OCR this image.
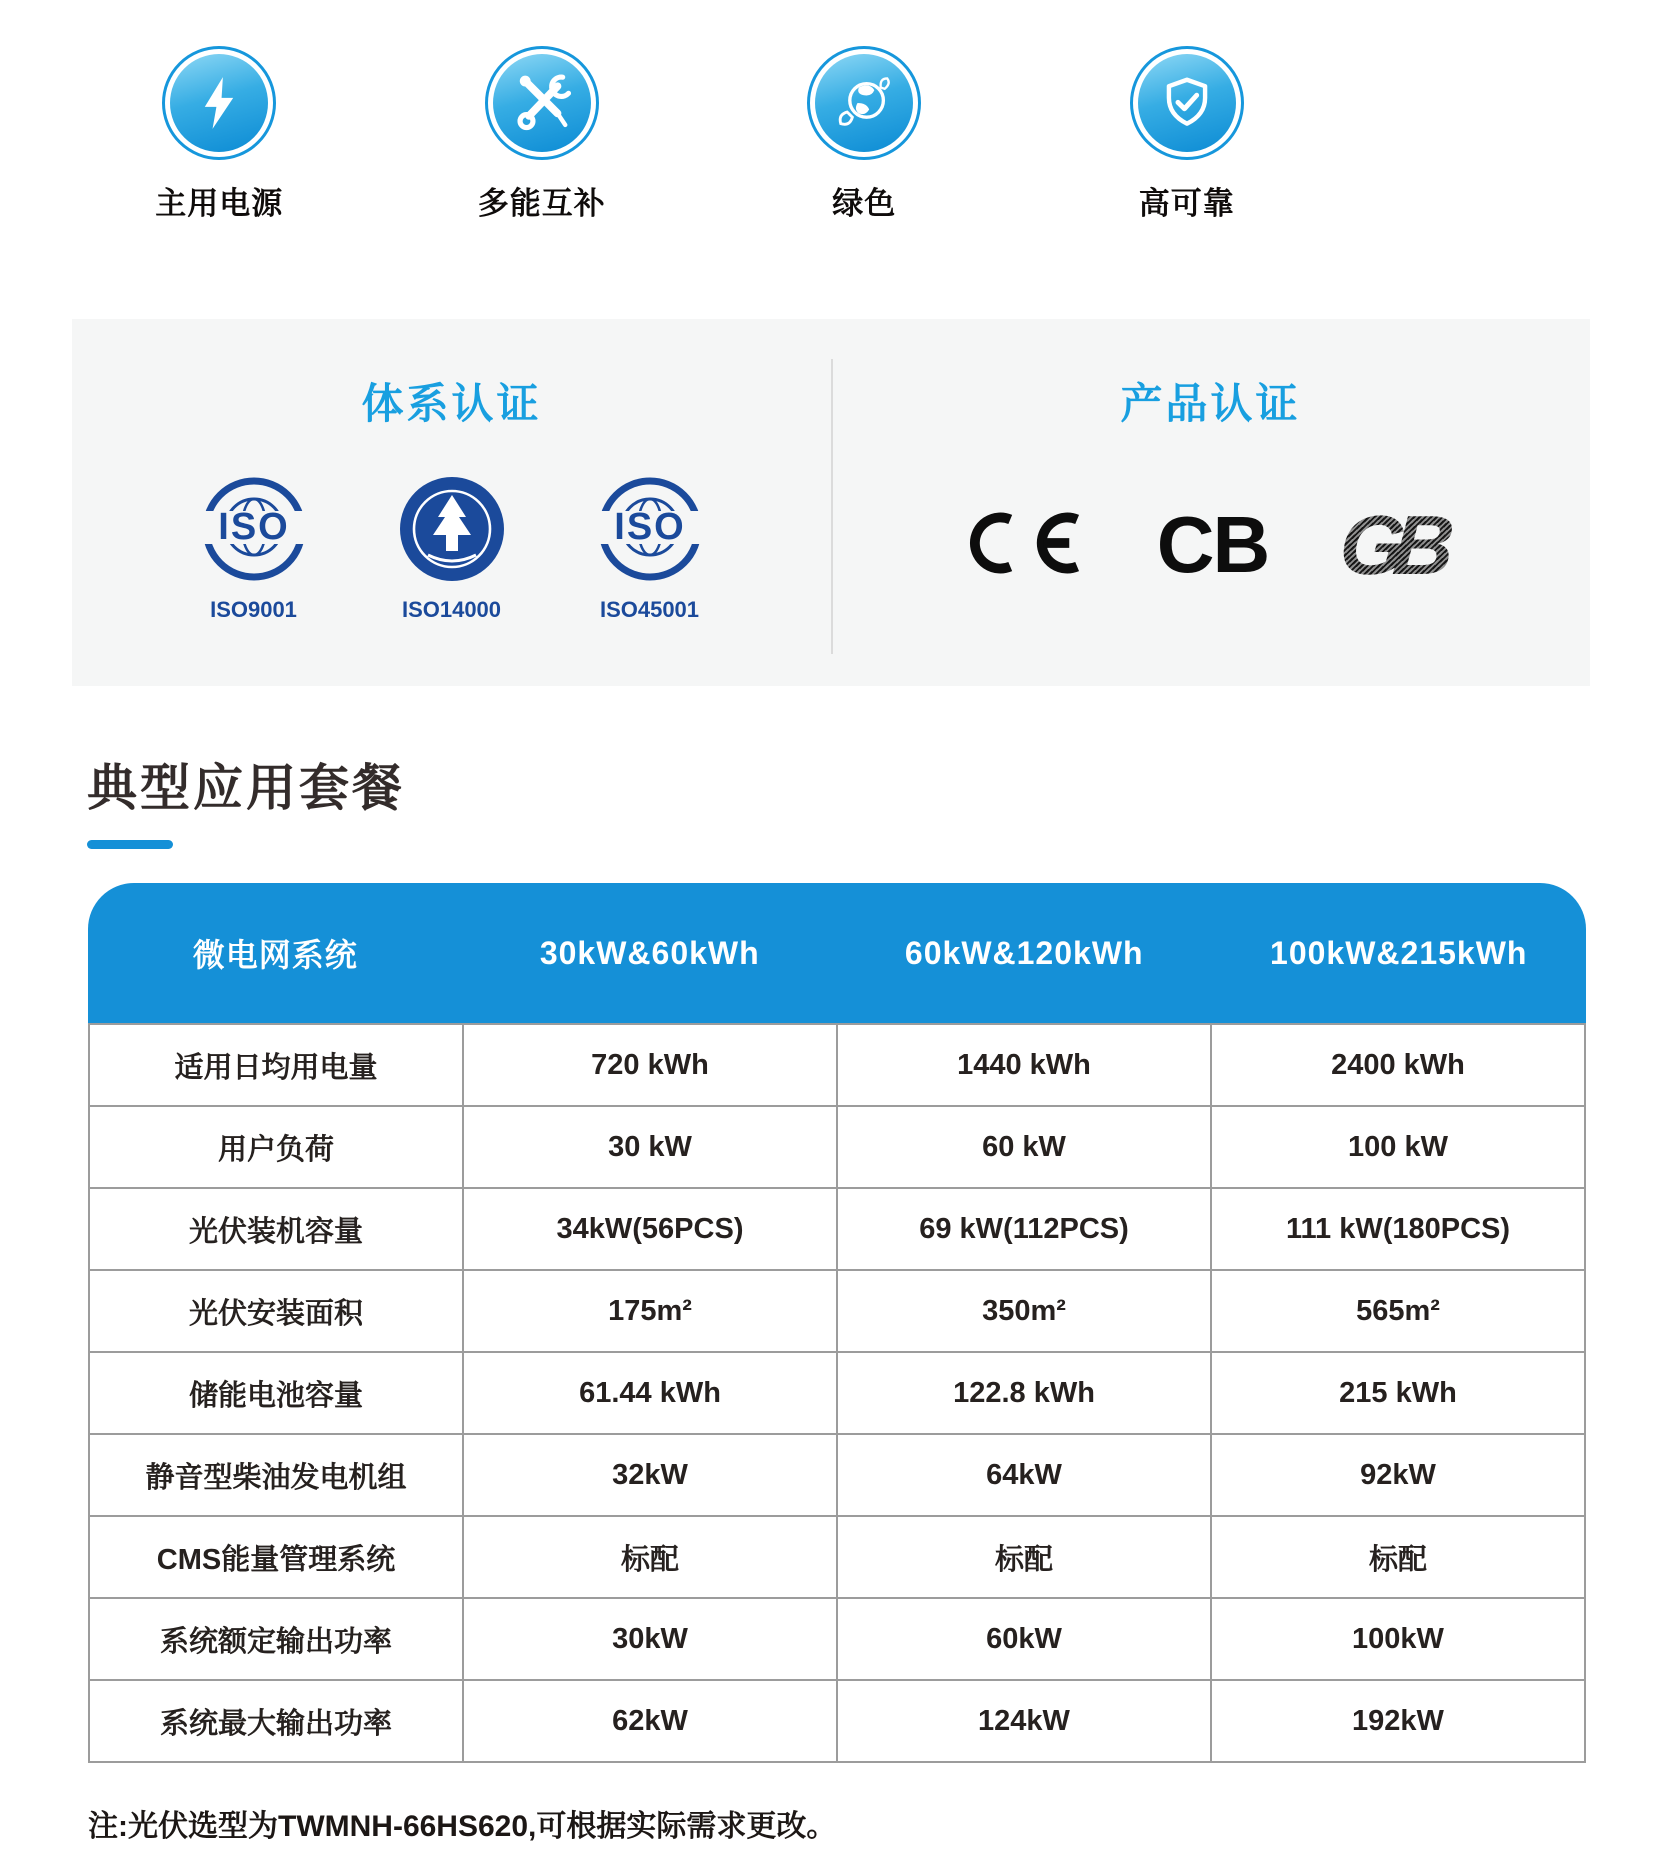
主用电源	多能互补	绿色	高可靠
体系认证
ISO
ISO9001	ISO14000
ISO
ISO45001
产品认证
CB GB
典型应用套餐
微电网系统	30kW&60kWh	60kW&120kWh	100kW&215kWh
适用日均用电量	720 kWh	1440 kWh	2400 kWh
用户负荷	30 kW	60 kW	100 kW
光伏装机容量	34kW(56PCS)	69 kW(112PCS)	111 kW(180PCS)
光伏安装面积	175m²	350m²	565m²
储能电池容量	61.44 kWh	122.8 kWh	215 kWh
静音型柴油发电机组	32kW	64kW	92kW
CMS能量管理系统	标配	标配	标配
系统额定输出功率	30kW	60kW	100kW
系统最大输出功率	62kW	124kW	192kW
注:光伏选型为TWMNH-66HS620,可根据实际需求更改。
